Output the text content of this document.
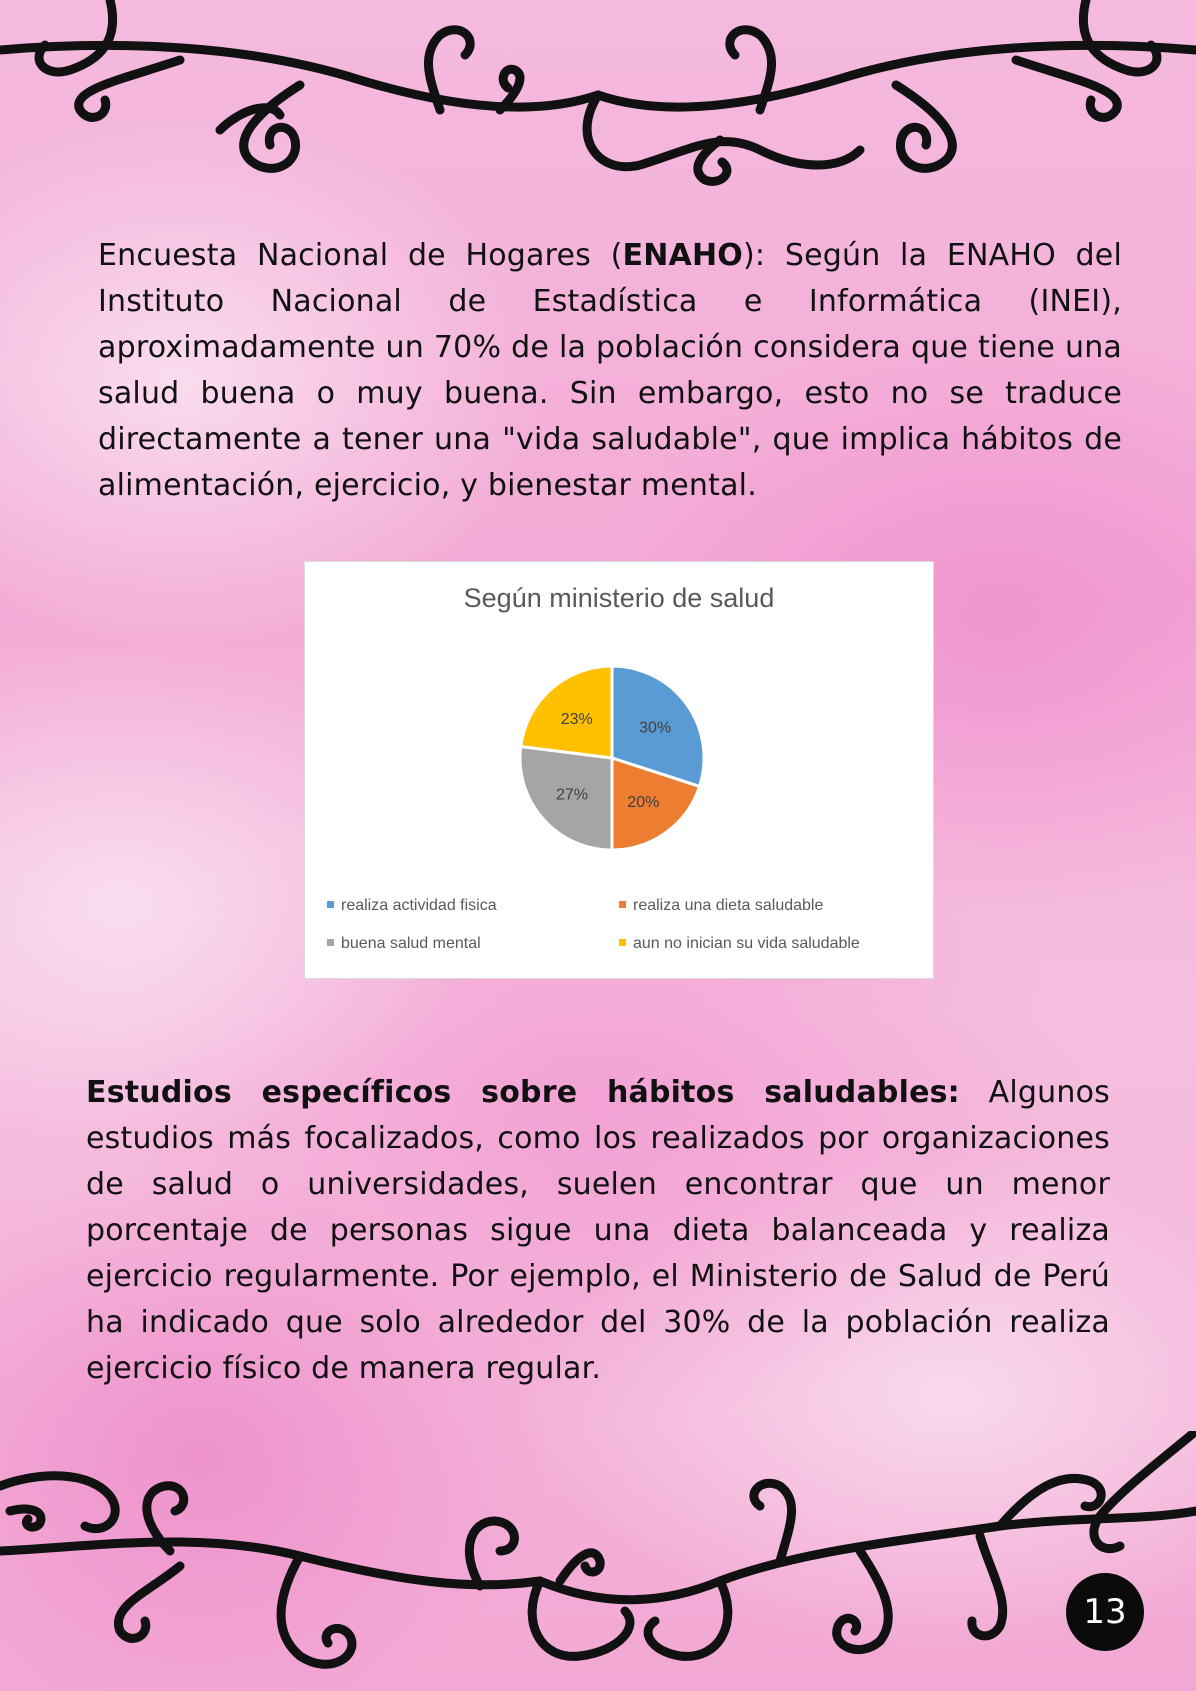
Encuesta Nacional de Hogares (ENAHO): Según la ENAHO del Instituto Nacional de Estadística e Informática (INEI), aproximadamente un 70% de la población considera que tiene una salud buena o muy buena. Sin embargo, esto no se traduce directamente a tener una "vida saludable", que implica hábitos de alimentación, ejercicio, y bienestar mental.

Según ministerio de salud
30%
20%
27%
23%
realiza actividad fisica	realiza una dieta saludable
buena salud mental	aun no inician su vida saludable

Estudios específicos sobre hábitos saludables: Algunos estudios más focalizados, como los realizados por organizaciones de salud o universidades, suelen encontrar que un menor porcentaje de personas sigue una dieta balanceada y realiza ejercicio regularmente. Por ejemplo, el Ministerio de Salud de Perú ha indicado que solo alrededor del 30% de la población realiza ejercicio físico de manera regular.

13
